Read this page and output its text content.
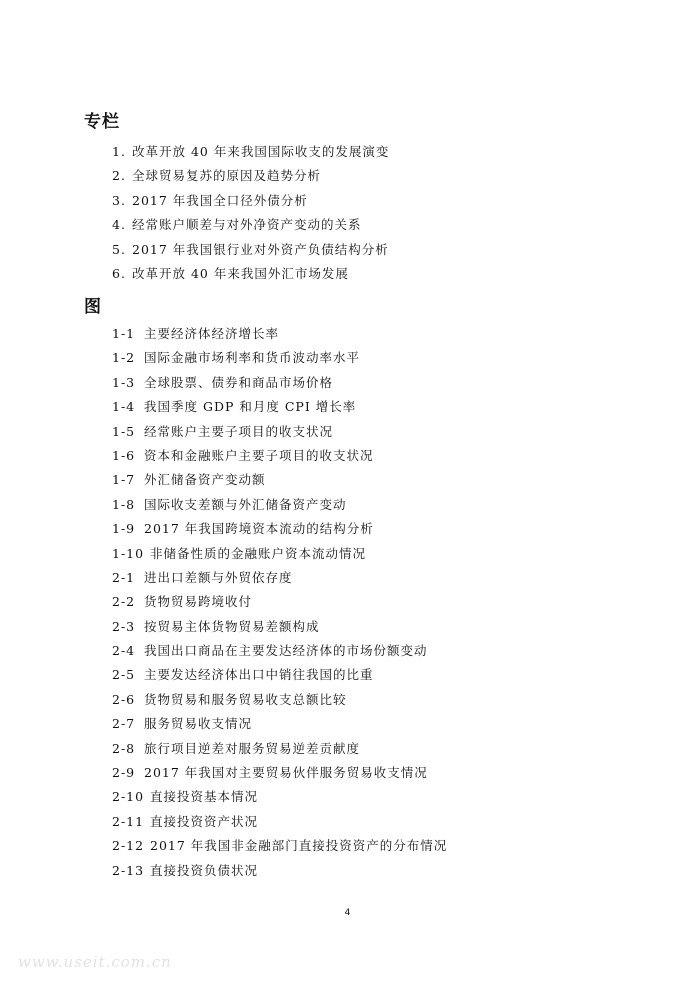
专栏
1. 改革开放 40 年来我国国际收支的发展演变
2. 全球贸易复苏的原因及趋势分析
3. 2017 年我国全口径外债分析
4. 经常账户顺差与对外净资产变动的关系
5. 2017 年我国银行业对外资产负债结构分析
6. 改革开放 40 年来我国外汇市场发展
图
1-1 主要经济体经济增长率
1-2 国际金融市场利率和货币波动率水平
1-3 全球股票、债券和商品市场价格
1-4 我国季度 GDP 和月度 CPI 增长率
1-5 经常账户主要子项目的收支状况
1-6 资本和金融账户主要子项目的收支状况
1-7 外汇储备资产变动额
1-8 国际收支差额与外汇储备资产变动
1-9 2017 年我国跨境资本流动的结构分析
1-10 非储备性质的金融账户资本流动情况
2-1 进出口差额与外贸依存度
2-2 货物贸易跨境收付
2-3 按贸易主体货物贸易差额构成
2-4 我国出口商品在主要发达经济体的市场份额变动
2-5 主要发达经济体出口中销往我国的比重
2-6 货物贸易和服务贸易收支总额比较
2-7 服务贸易收支情况
2-8 旅行项目逆差对服务贸易逆差贡献度
2-9 2017 年我国对主要贸易伙伴服务贸易收支情况
2-10 直接投资基本情况
2-11 直接投资资产状况
2-12 2017 年我国非金融部门直接投资资产的分布情况
2-13 直接投资负债状况
4
www.useit.com.cn
